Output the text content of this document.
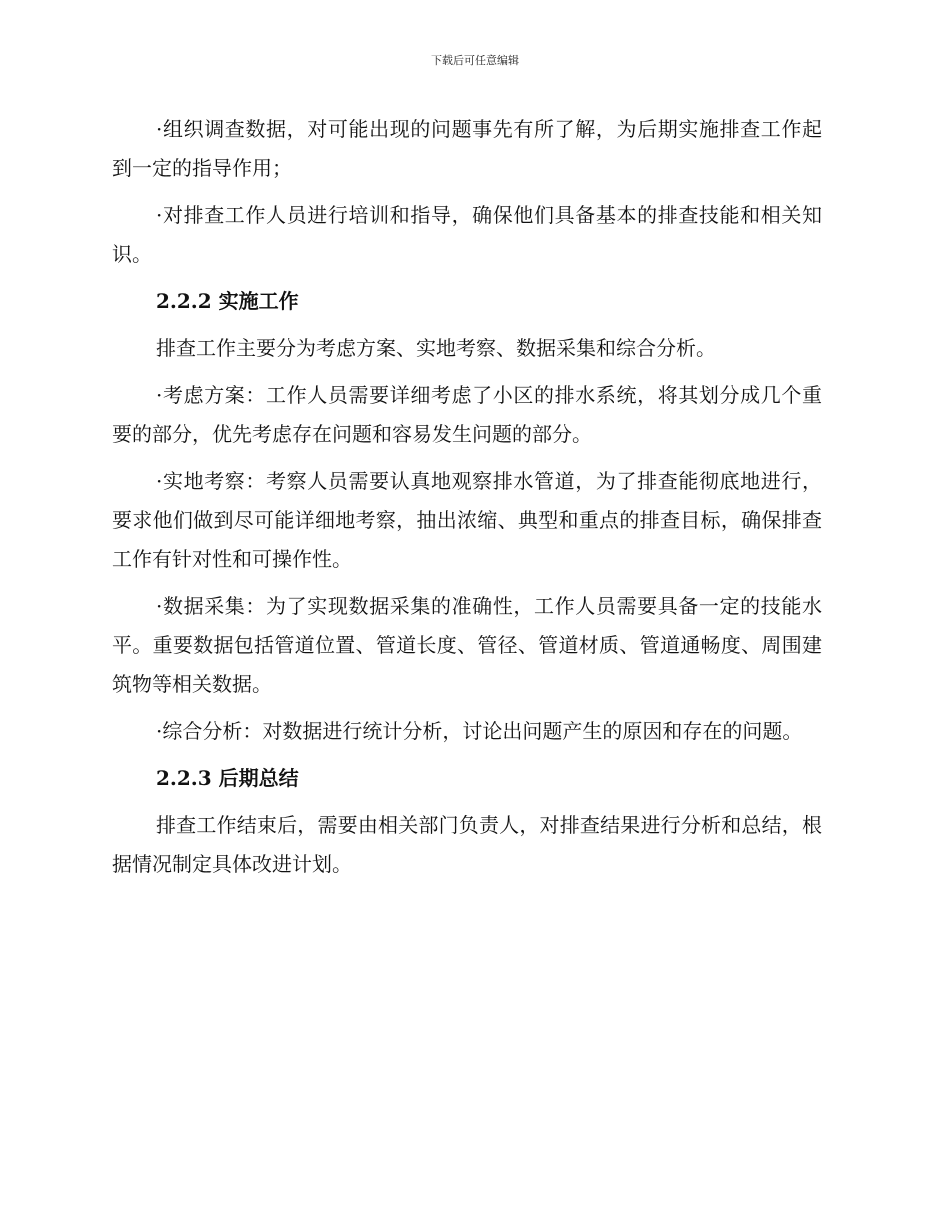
下载后可任意编辑

·组织调查数据，对可能出现的问题事先有所了解，为后期实施排查工作起到一定的指导作用；

·对排查工作人员进行培训和指导，确保他们具备基本的排查技能和相关知识。

2.2.2 实施工作

排查工作主要分为考虑方案、实地考察、数据采集和综合分析。

·考虑方案：工作人员需要详细考虑了小区的排水系统，将其划分成几个重要的部分，优先考虑存在问题和容易发生问题的部分。

·实地考察：考察人员需要认真地观察排水管道，为了排查能彻底地进行，要求他们做到尽可能详细地考察，抽出浓缩、典型和重点的排查目标，确保排查工作有针对性和可操作性。

·数据采集：为了实现数据采集的准确性，工作人员需要具备一定的技能水平。重要数据包括管道位置、管道长度、管径、管道材质、管道通畅度、周围建筑物等相关数据。

·综合分析：对数据进行统计分析，讨论出问题产生的原因和存在的问题。

2.2.3 后期总结

排查工作结束后，需要由相关部门负责人，对排查结果进行分析和总结，根据情况制定具体改进计划。
